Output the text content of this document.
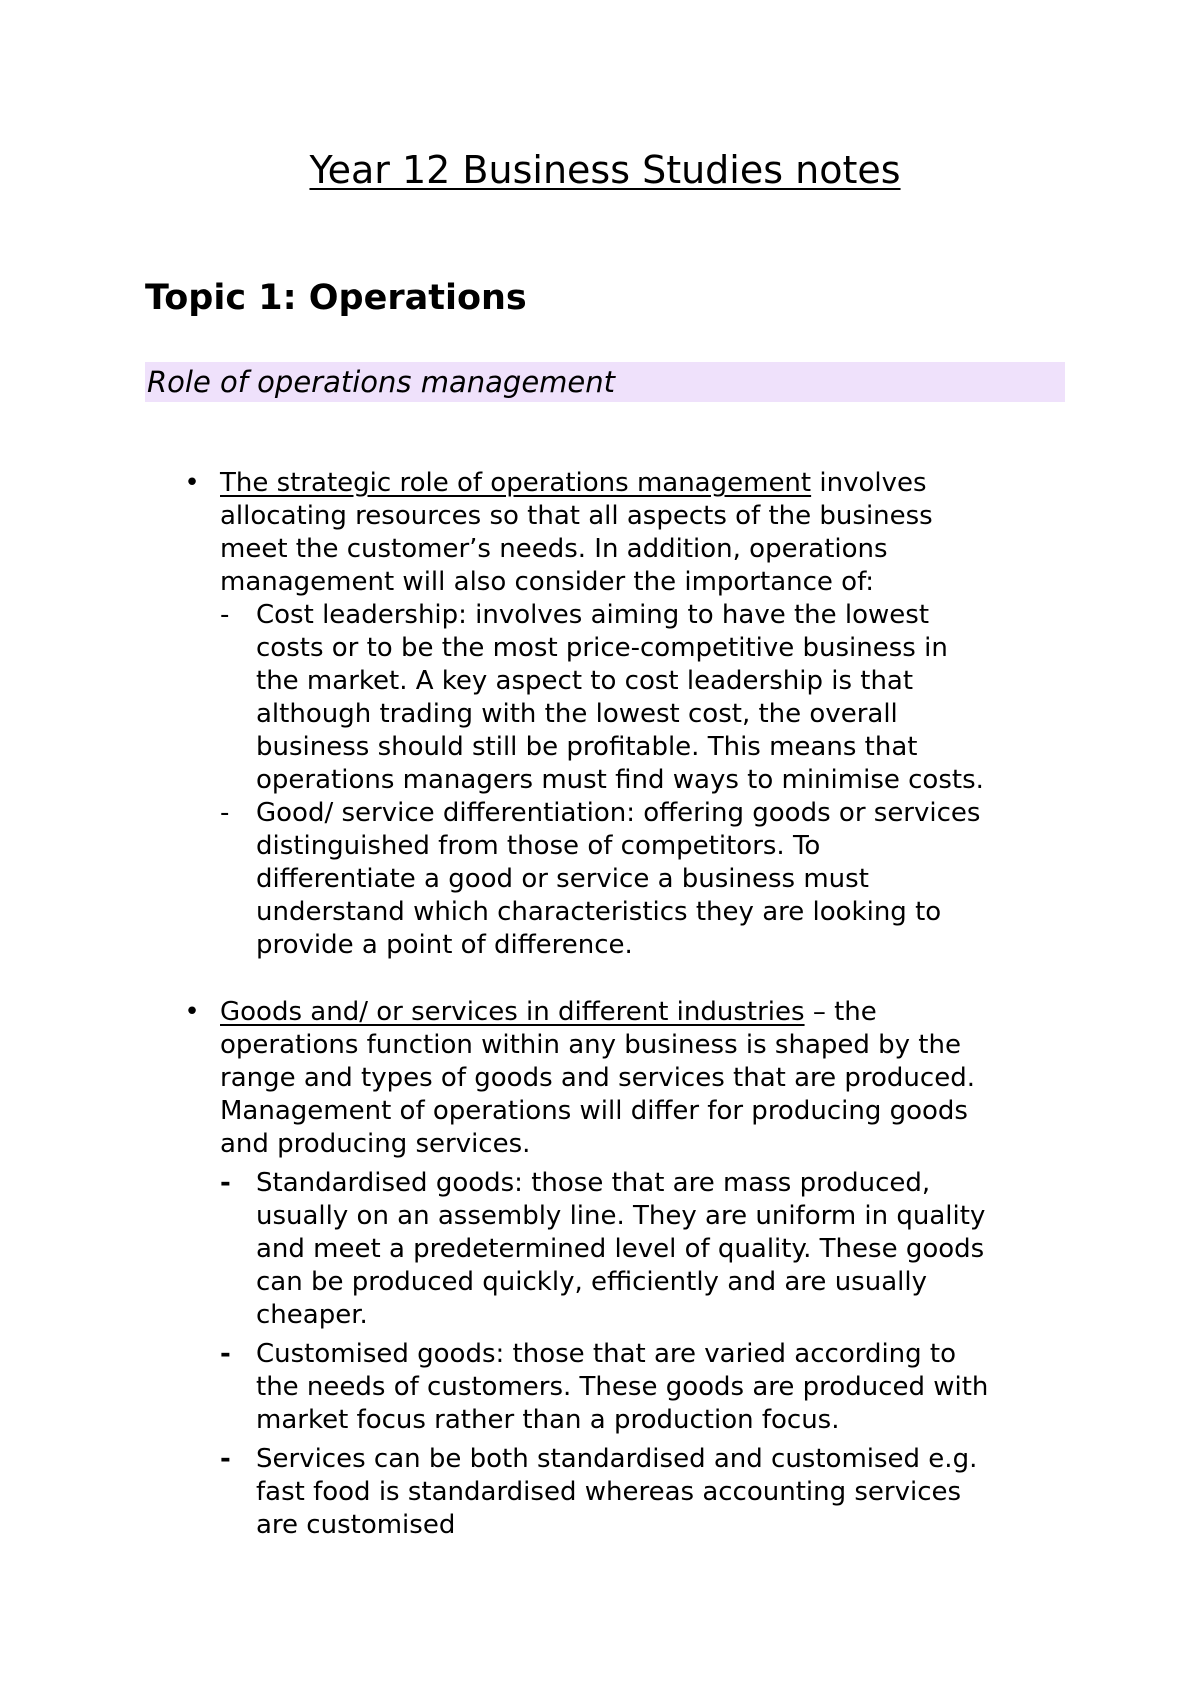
Year 12 Business Studies notes
Topic 1: Operations
Role of operations management
• The strategic role of operations management involves
allocating resources so that all aspects of the business
meet the customer’s needs. In addition, operations
management will also consider the importance of:
-	Cost leadership: involves aiming to have the lowest
costs or to be the most price-competitive business in
the market. A key aspect to cost leadership is that
although trading with the lowest cost, the overall
business should still be profitable. This means that
operations managers must find ways to minimise costs.
-	Good/ service differentiation: offering goods or services
distinguished from those of competitors. To
differentiate a good or service a business must
understand which characteristics they are looking to
provide a point of difference.
• Goods and/ or services in different industries – the
operations function within any business is shaped by the
range and types of goods and services that are produced.
Management of operations will differ for producing goods
and producing services.
- Standardised goods: those that are mass produced,
usually on an assembly line. They are uniform in quality
and meet a predetermined level of quality. These goods
can be produced quickly, efficiently and are usually
cheaper.
- Customised goods: those that are varied according to
the needs of customers. These goods are produced with
market focus rather than a production focus.
- Services can be both standardised and customised e.g.
fast food is standardised whereas accounting services
are customised
